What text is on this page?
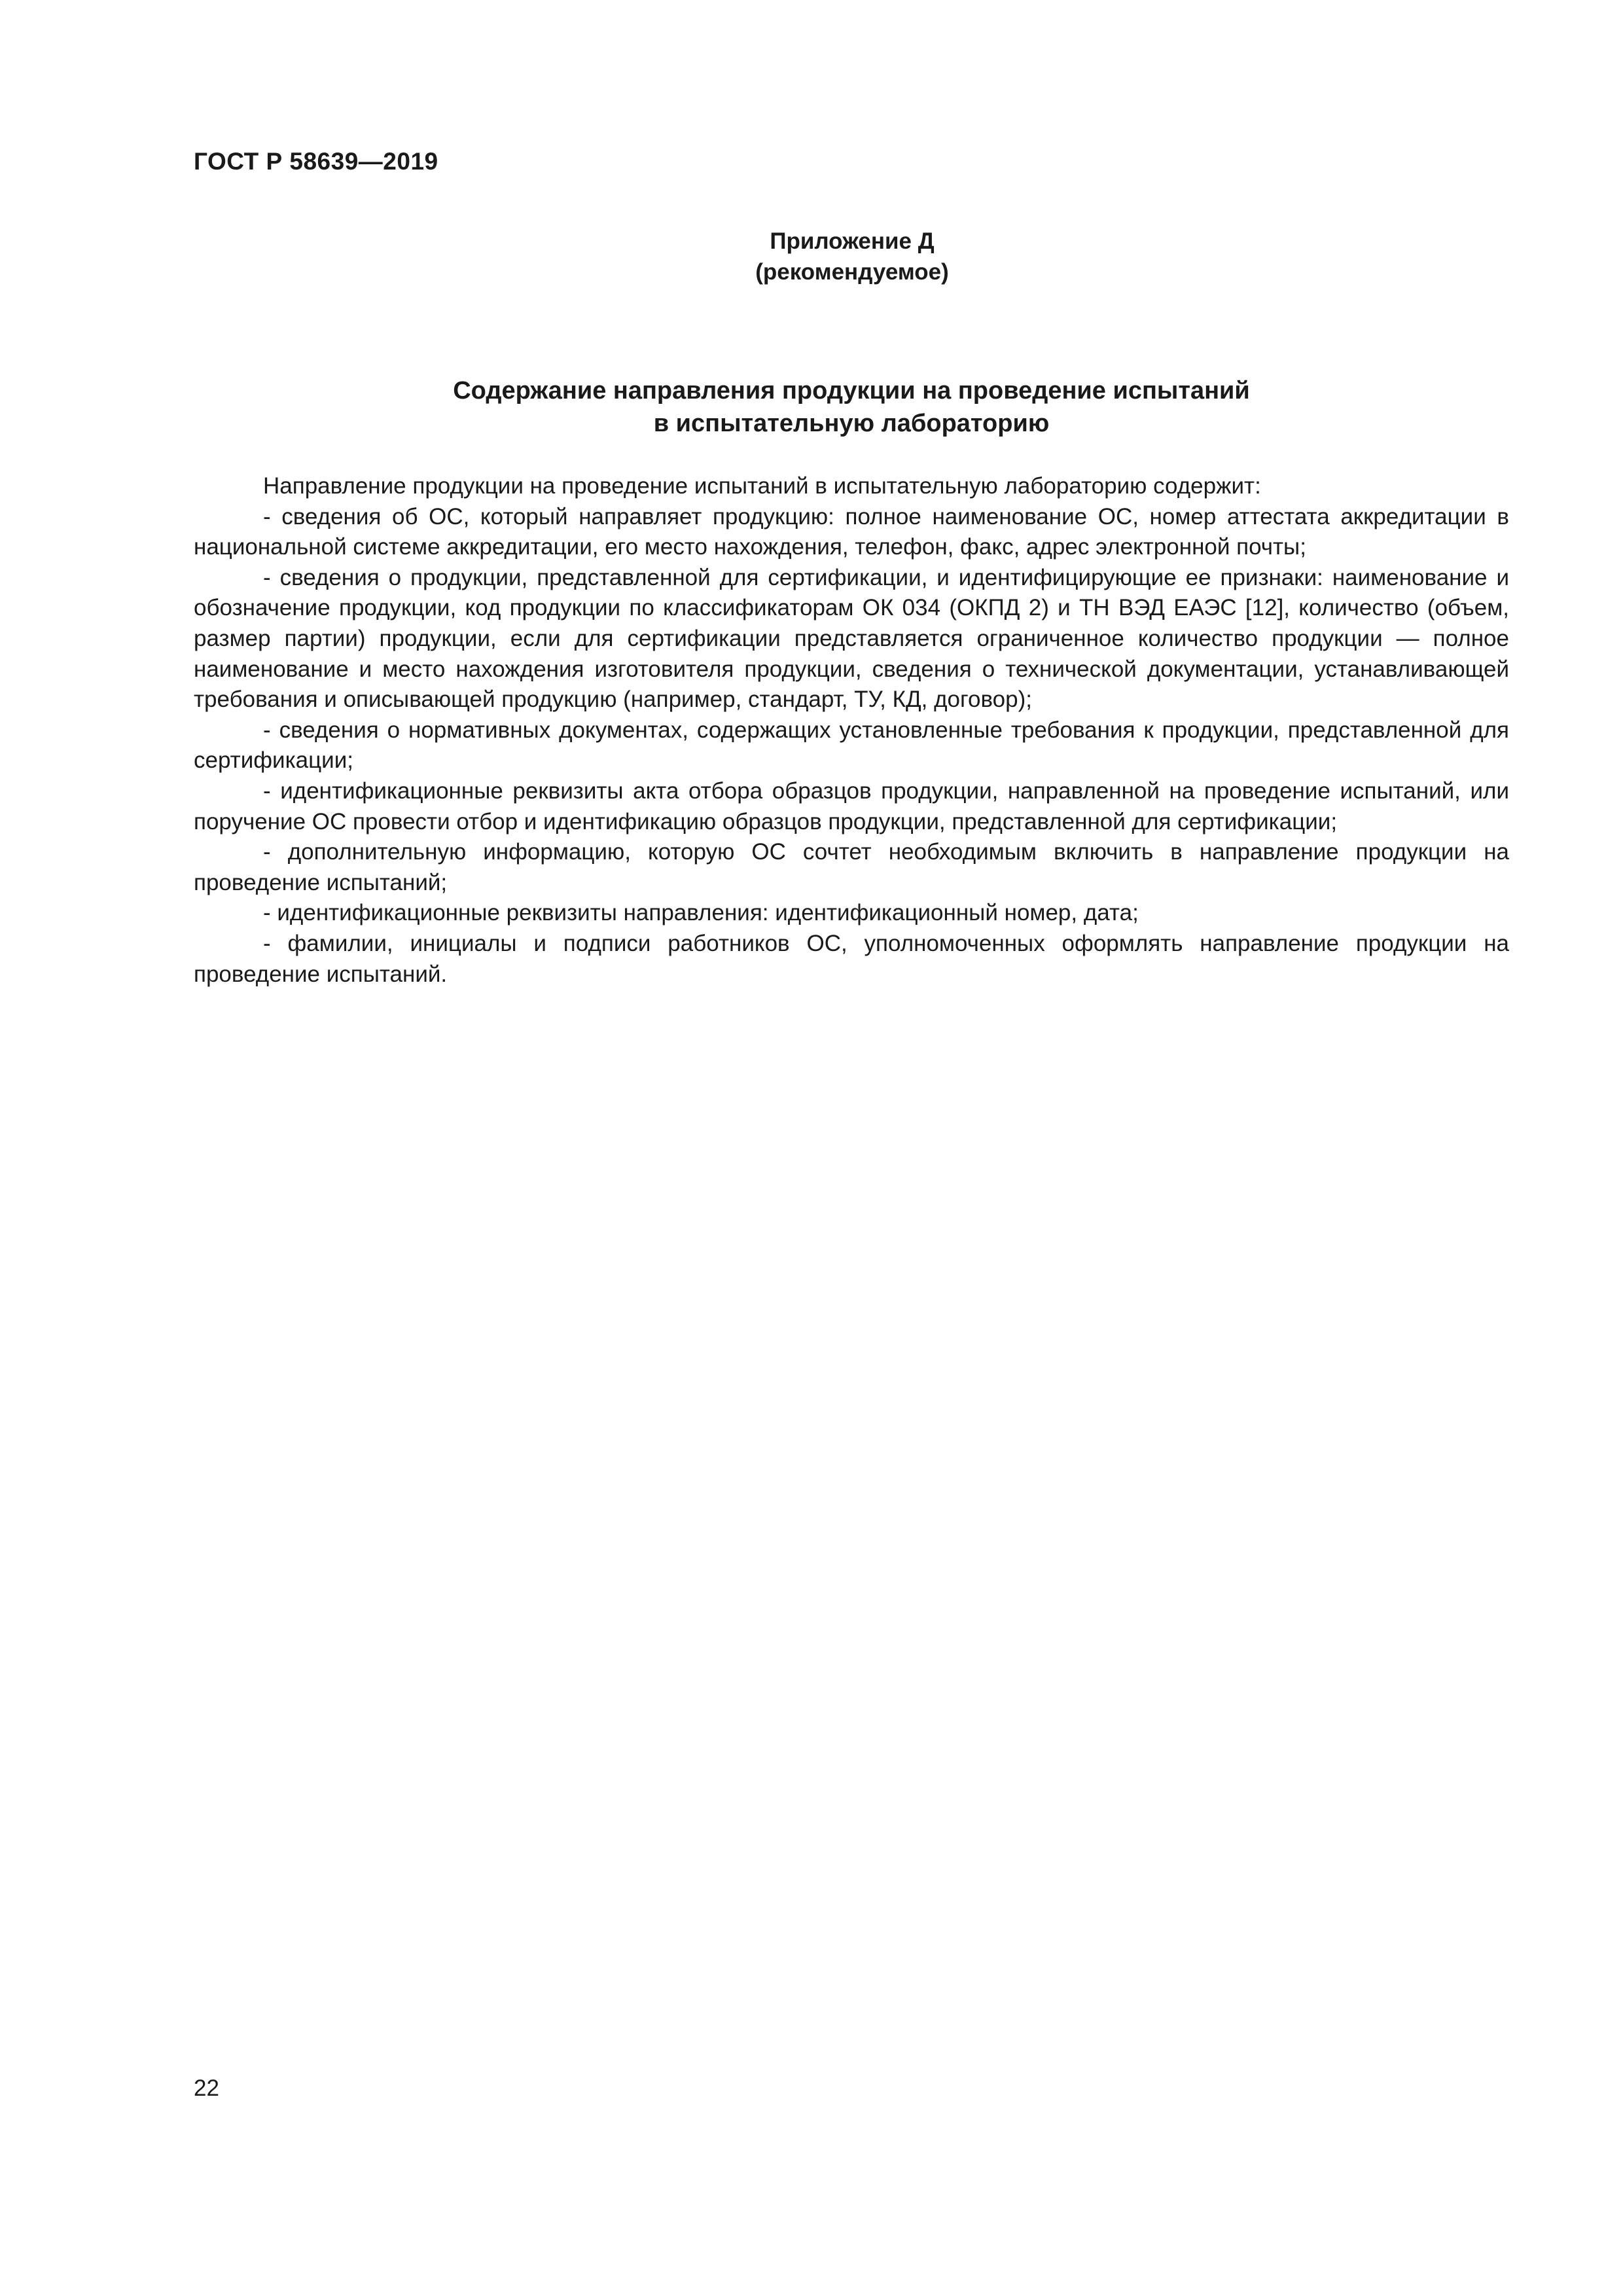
ГОСТ Р 58639—2019
Приложение Д
(рекомендуемое)
Содержание направления продукции на проведение испытаний
в испытательную лабораторию

Направление продукции на проведение испытаний в испытательную лабораторию содержит:

- сведения об ОС, который направляет продукцию: полное наименование ОС, номер аттестата аккредитации в национальной системе аккредитации, его место нахождения, телефон, факс, адрес электронной почты;

- сведения о продукции, представленной для сертификации, и идентифицирующие ее признаки: наименование и обозначение продукции, код продукции по классификаторам ОК 034 (ОКПД 2) и ТН ВЭД ЕАЭС [12], количество (объем, размер партии) продукции, если для сертификации представляется ограниченное количество продукции — полное наименование и место нахождения изготовителя продукции, сведения о технической документации, устанавливающей требования и описывающей продукцию (например, стандарт, ТУ, КД, договор);

- сведения о нормативных документах, содержащих установленные требования к продукции, представленной для сертификации;

- идентификационные реквизиты акта отбора образцов продукции, направленной на проведение испытаний, или поручение ОС провести отбор и идентификацию образцов продукции, представленной для сертификации;

- дополнительную информацию, которую ОС сочтет необходимым включить в направление продукции на проведение испытаний;

- идентификационные реквизиты направления: идентификационный номер, дата;

- фамилии, инициалы и подписи работников ОС, уполномоченных оформлять направление продукции на проведение испытаний.

22
